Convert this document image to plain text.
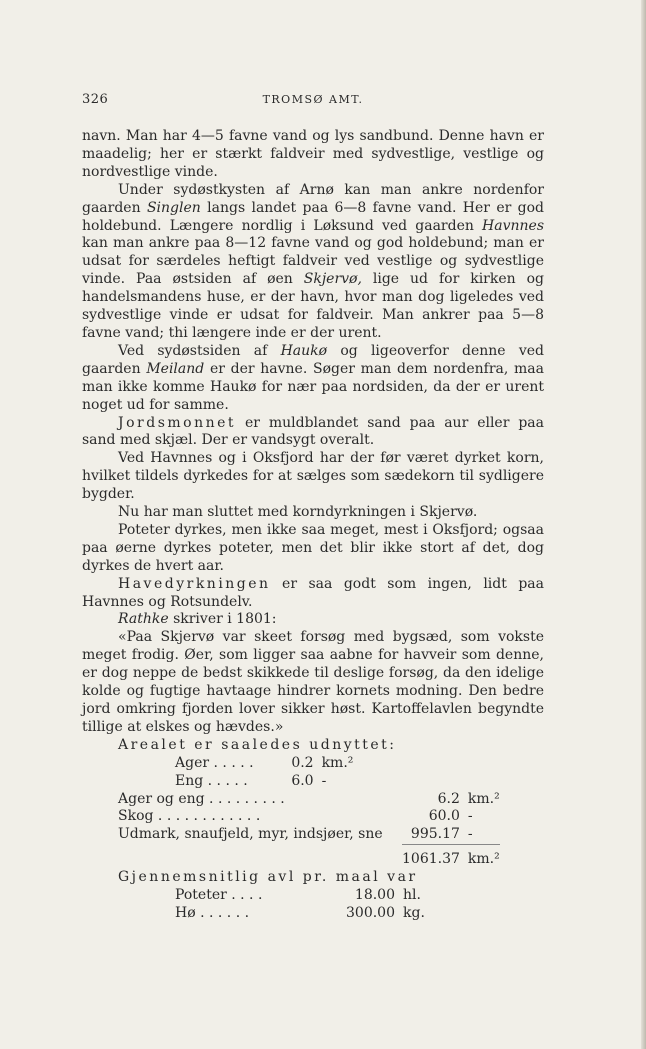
326	TROMSØ AMT.

navn. Man har 4—5 favne vand og lys sandbund. Denne havn er maadelig; her er stærkt faldveir med sydvestlige, vestlige og nordvestlige vinde.

Under sydøstkysten af Arnø kan man ankre nordenfor gaarden Singlen langs landet paa 6—8 favne vand. Her er god holdebund. Længere nordlig i Løksund ved gaarden Havnnes kan man ankre paa 8—12 favne vand og god holdebund; man er udsat for særdeles heftigt faldveir ved vestlige og sydvestlige vinde. Paa østsiden af øen Skjervø, lige ud for kirken og handelsmandens huse, er der havn, hvor man dog ligeledes ved sydvestlige vinde er udsat for faldveir. Man ankrer paa 5—8 favne vand; thi længere inde er der urent.

Ved sydøstsiden af Haukø og ligeoverfor denne ved gaarden Meiland er der havne. Søger man dem nordenfra, maa man ikke komme Haukø for nær paa nordsiden, da der er urent noget ud for samme.

Jordsmonnet er muldblandet sand paa aur eller paa sand med skjæl. Der er vandsygt overalt.

Ved Havnnes og i Oksfjord har der før været dyrket korn, hvilket tildels dyrkedes for at sælges som sædekorn til sydligere bygder.

Nu har man sluttet med korndyrkningen i Skjervø.

Poteter dyrkes, men ikke saa meget, mest i Oksfjord; ogsaa paa øerne dyrkes poteter, men det blir ikke stort af det, dog dyrkes de hvert aar.

Havedyrkningen er saa godt som ingen, lidt paa Havnnes og Rotsundelv.

Rathke skriver i 1801:

«Paa Skjervø var skeet forsøg med bygsæd, som vokste meget frodig. Øer, som ligger saa aabne for havveir som denne, er dog neppe de bedst skikkede til deslige forsøg, da den idelige kolde og fugtige havtaage hindrer kornets modning. Den bedre jord omkring fjorden lover sikker høst. Kartoffelavlen begyndte tillige at elskes og hævdes.»

Arealet er saaledes udnyttet:

Ager . . . . .	0.2	km.²
Eng . . . . .	6.0	-
Ager og eng . . . . . . . . .	6.2	km.²
Skog . . . . . . . . . . . .	60.0	-
Udmark, snaufjeld, myr, indsjøer, sne	995.17	-
	1061.37	km.²

Gjennemsnitlig avl pr. maal var

Poteter . . . .	18.00	hl.
Hø . . . . . .	300.00	kg.
